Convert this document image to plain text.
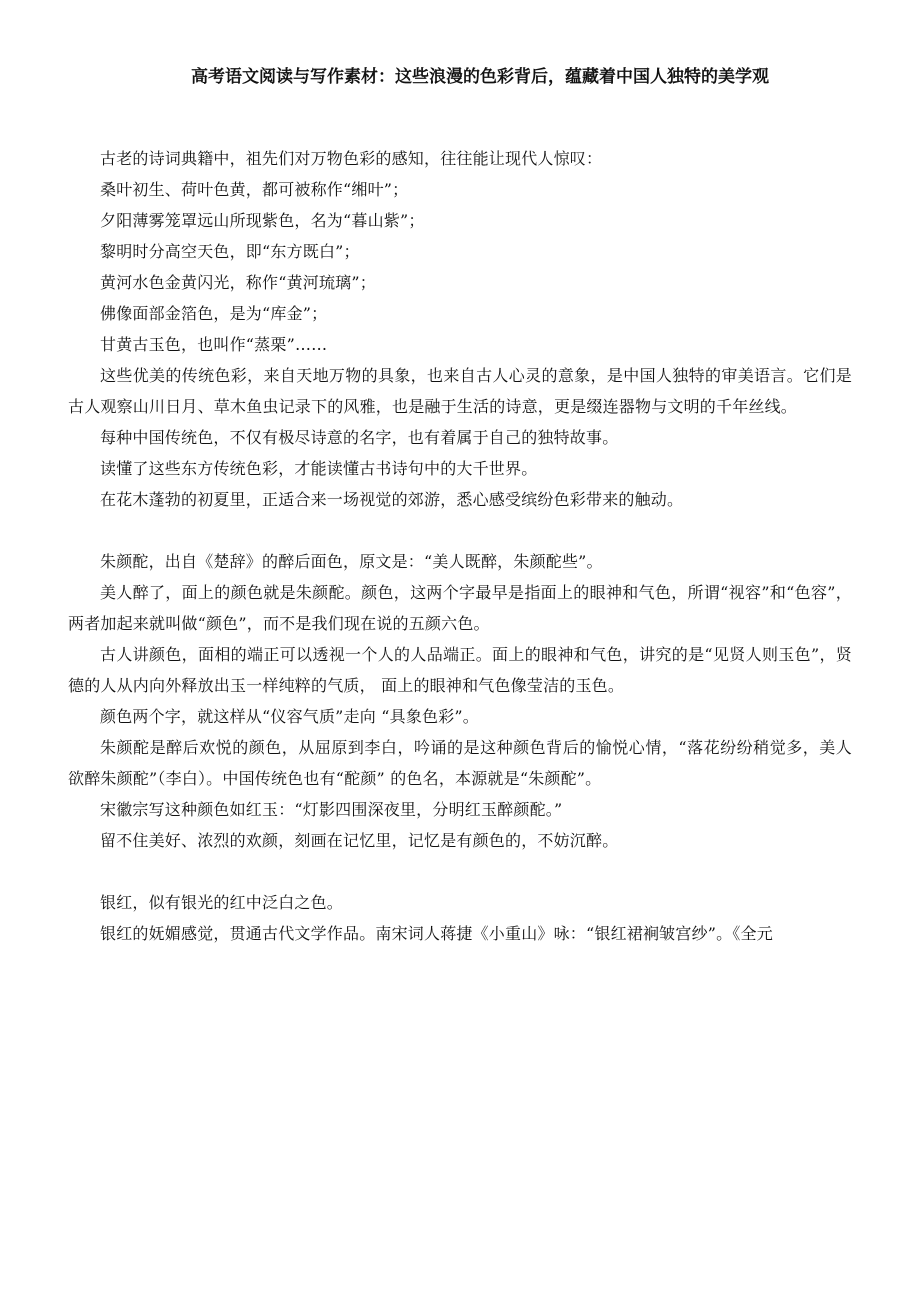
高考语文阅读与写作素材：这些浪漫的色彩背后，蕴藏着中国人独特的美学观

古老的诗词典籍中，祖先们对万物色彩的感知，往往能让现代人惊叹：

桑叶初生、荷叶色黄，都可被称作“缃叶”；

夕阳薄雾笼罩远山所现紫色，名为“暮山紫”；

黎明时分高空天色，即“东方既白”；

黄河水色金黄闪光，称作“黄河琉璃”；

佛像面部金箔色，是为“库金”；

甘黄古玉色，也叫作“蒸栗”……

这些优美的传统色彩，来自天地万物的具象，也来自古人心灵的意象，是中国人独特的审美语言。它们是古人观察山川日月、草木鱼虫记录下的风雅，也是融于生活的诗意，更是缀连器物与文明的千年丝线。

每种中国传统色，不仅有极尽诗意的名字，也有着属于自己的独特故事。

读懂了这些东方传统色彩，才能读懂古书诗句中的大千世界。

在花木蓬勃的初夏里，正适合来一场视觉的郊游，悉心感受缤纷色彩带来的触动。

朱颜酡，出自《楚辞》的醉后面色，原文是：“美人既醉，朱颜酡些”。

美人醉了，面上的颜色就是朱颜酡。颜色，这两个字最早是指面上的眼神和气色，所谓“视容”和“色容”，两者加起来就叫做“颜色”，而不是我们现在说的五颜六色。

古人讲颜色，面相的端正可以透视一个人的人品端正。面上的眼神和气色，讲究的是“见贤人则玉色”，贤德的人从内向外释放出玉一样纯粹的气质， 面上的眼神和气色像莹洁的玉色。

颜色两个字，就这样从“仪容气质”走向 “具象色彩”。

朱颜酡是醉后欢悦的颜色，从屈原到李白，吟诵的是这种颜色背后的愉悦心情，“落花纷纷稍觉多，美人欲醉朱颜酡”（李白）。中国传统色也有“酡颜” 的色名，本源就是“朱颜酡”。

宋徽宗写这种颜色如红玉：“灯影四围深夜里，分明红玉醉颜酡。”

留不住美好、浓烈的欢颜，刻画在记忆里，记忆是有颜色的，不妨沉醉。

银红，似有银光的红中泛白之色。

银红的妩媚感觉，贯通古代文学作品。南宋词人蒋捷《小重山》咏：“银红裙裥皱宫纱”。《全元
